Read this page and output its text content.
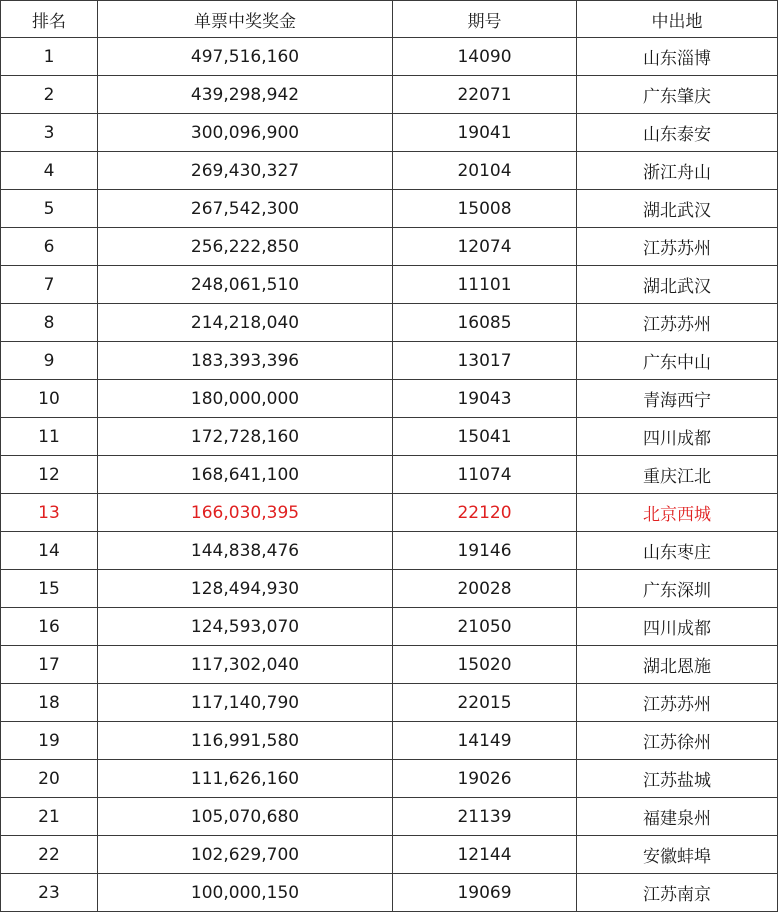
排名	单票中奖奖金	期号	中出地
1	497,516,160	14090	山东淄博
2	439,298,942	22071	广东肇庆
3	300,096,900	19041	山东泰安
4	269,430,327	20104	浙江舟山
5	267,542,300	15008	湖北武汉
6	256,222,850	12074	江苏苏州
7	248,061,510	11101	湖北武汉
8	214,218,040	16085	江苏苏州
9	183,393,396	13017	广东中山
10	180,000,000	19043	青海西宁
11	172,728,160	15041	四川成都
12	168,641,100	11074	重庆江北
13	166,030,395	22120	北京西城
14	144,838,476	19146	山东枣庄
15	128,494,930	20028	广东深圳
16	124,593,070	21050	四川成都
17	117,302,040	15020	湖北恩施
18	117,140,790	22015	江苏苏州
19	116,991,580	14149	江苏徐州
20	111,626,160	19026	江苏盐城
21	105,070,680	21139	福建泉州
22	102,629,700	12144	安徽蚌埠
23	100,000,150	19069	江苏南京
